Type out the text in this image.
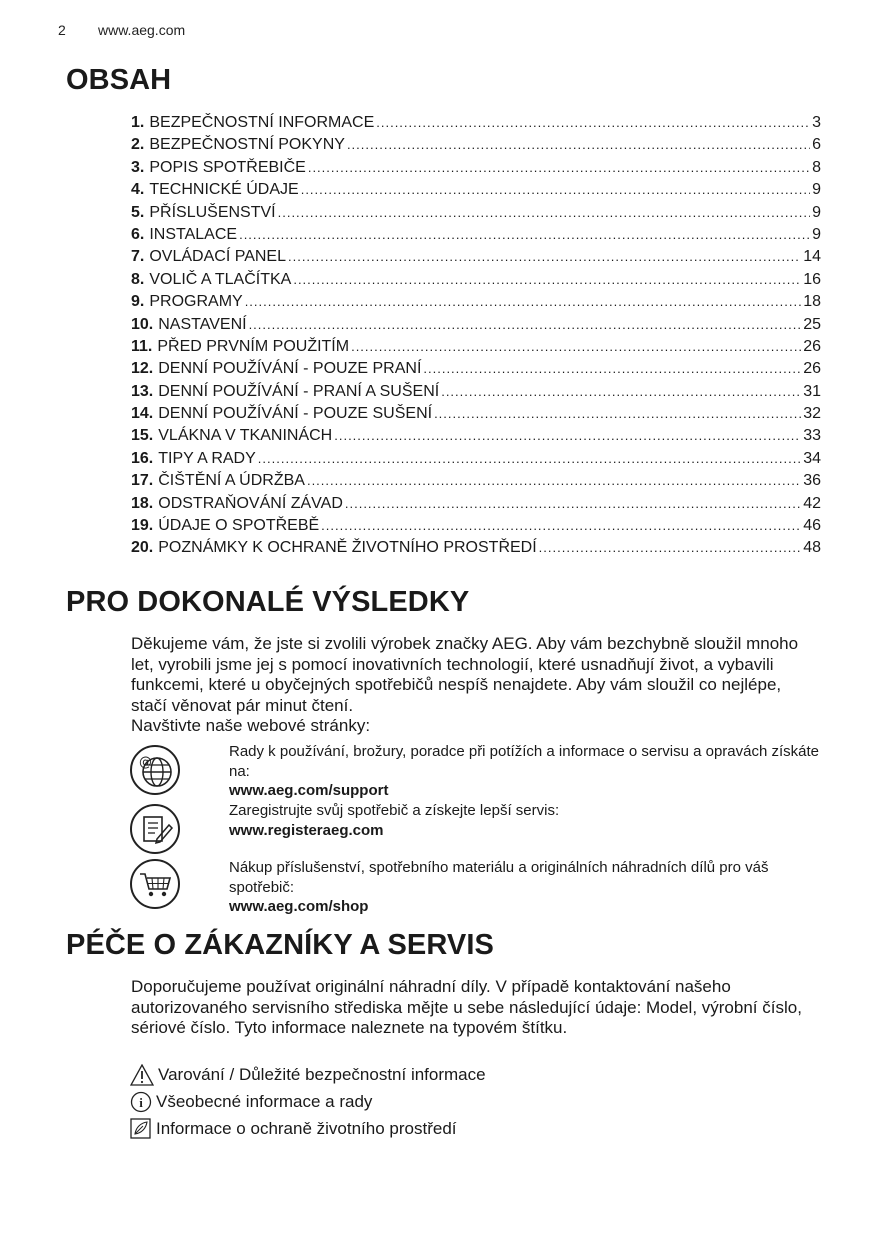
2 www.aeg.com
OBSAH
1. BEZPEČNOSTNÍ INFORMACE .....	3
2. BEZPEČNOSTNÍ POKYNY .....	6
3. POPIS SPOTŘEBIČE .....	8
4. TECHNICKÉ ÚDAJE .....	9
5. PŘÍSLUŠENSTVÍ .....	9
6. INSTALACE .....	9
7. OVLÁDACÍ PANEL .....	14
8. VOLIČ A TLAČÍTKA .....	16
9. PROGRAMY .....	18
10. NASTAVENÍ .....	25
11. PŘED PRVNÍM POUŽITÍM .....	26
12. DENNÍ POUŽÍVÁNÍ - POUZE PRANÍ .....	26
13. DENNÍ POUŽÍVÁNÍ - PRANÍ A SUŠENÍ .....	31
14. DENNÍ POUŽÍVÁNÍ - POUZE SUŠENÍ .....	32
15. VLÁKNA V TKANINÁCH .....	33
16. TIPY A RADY .....	34
17. ČIŠTĚNÍ A ÚDRŽBA .....	36
18. ODSTRAŇOVÁNÍ ZÁVAD .....	42
19. ÚDAJE O SPOTŘEBĚ .....	46
20. POZNÁMKY K OCHRANĚ ŽIVOTNÍHO PROSTŘEDÍ .....	48
PRO DOKONALÉ VÝSLEDKY
Děkujeme vám, že jste si zvolili výrobek značky AEG. Aby vám bezchybně sloužil mnoho let, vyrobili jsme jej s pomocí inovativních technologií, které usnadňují život, a vybavili funkcemi, které u obyčejných spotřebičů nespíš nenajdete. Aby vám sloužil co nejlépe, stačí věnovat pár minut čtení.
Navštivte naše webové stránky:
@
Rady k používání, brožury, poradce při potížích a informace o servisu a opravách získáte na:
www.aeg.com/support
Zaregistrujte svůj spotřebič a získejte lepší servis:
www.registeraeg.com
Nákup příslušenství, spotřebního materiálu a originálních náhradních dílů pro váš spotřebič:
www.aeg.com/shop
PÉČE O ZÁKAZNÍKY A SERVIS
Doporučujeme používat originální náhradní díly. V případě kontaktování našeho autorizovaného servisního střediska mějte u sebe následující údaje: Model, výrobní číslo, sériové číslo. Tyto informace naleznete na typovém štítku.
Varování / Důležité bezpečnostní informace
i Všeobecné informace a rady
Informace o ochraně životního prostředí
